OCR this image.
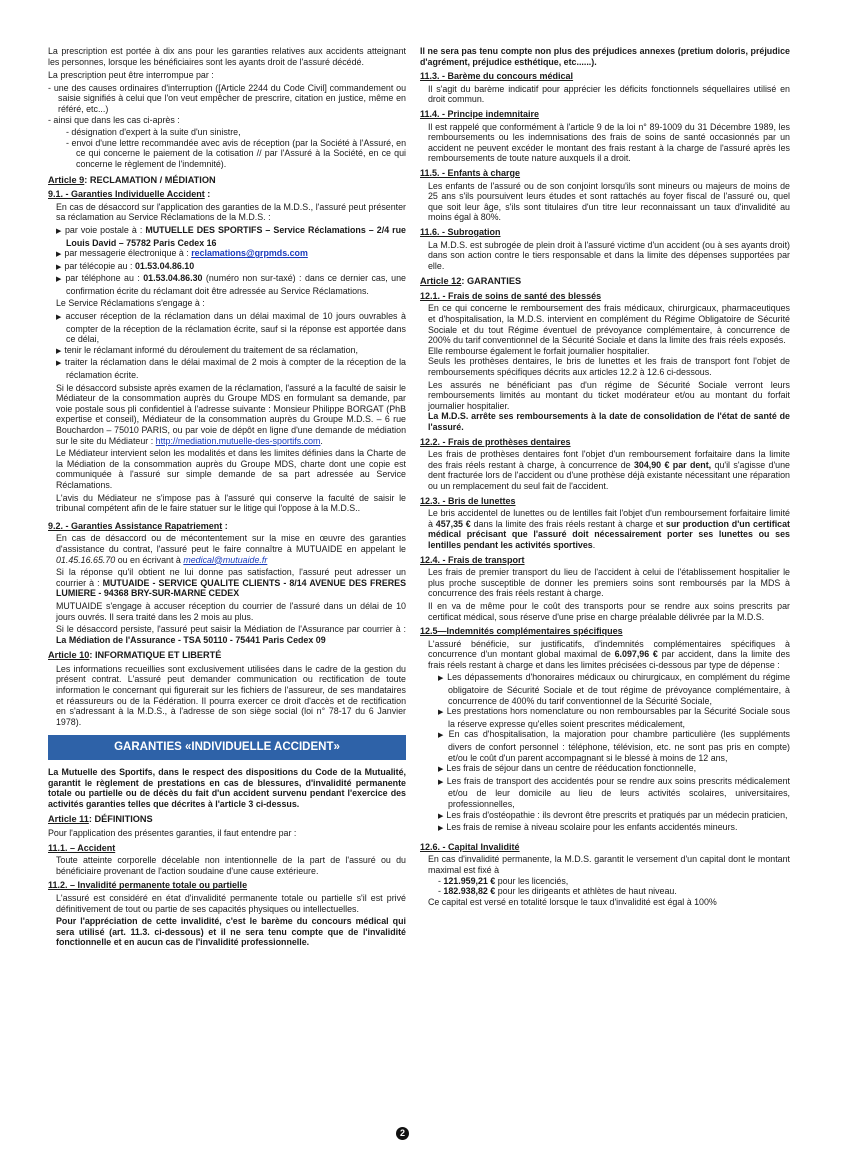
La prescription est portée à dix ans pour les garanties relatives aux accidents atteignant les personnes, lorsque les bénéficiaires sont les ayants droit de l'assuré décédé.

La prescription peut être interrompue par :

- une des causes ordinaires d'interruption ([Article 2244 du Code Civil] commandement ou saisie signifiés à celui que l'on veut empêcher de prescrire, citation en justice, même en référé, etc...)
- ainsi que dans les cas ci-après :
- désignation d'expert à la suite d'un sinistre,
- envoi d'une lettre recommandée avec avis de réception (par la Société à l'Assuré, en ce qui concerne le paiement de la cotisation // par l'Assuré à la Société, en ce qui concerne le règlement de l'indemnité).
Article 9: RECLAMATION / MÉDIATION
9.1. - Garanties Individuelle Accident :

En cas de désaccord sur l'application des garanties de la M.D.S., l'assuré peut présenter sa réclamation au Service Réclamations de la M.D.S. :

▶ par voie postale à : MUTUELLE DES SPORTIFS – Service Réclamations – 2/4 rue Louis David – 75782 Paris Cedex 16
▶ par messagerie électronique à : reclamations@grpmds.com
▶ par télécopie au : 01.53.04.86.10
▶ par téléphone au : 01.53.04.86.30 (numéro non sur-taxé) : dans ce dernier cas, une confirmation écrite du réclamant doit être adressée au Service Réclamations.

Le Service Réclamations s'engage à :

▶ accuser réception de la réclamation dans un délai maximal de 10 jours ouvrables à compter de la réception de la réclamation écrite, sauf si la réponse est apportée dans ce délai,
▶ tenir le réclamant informé du déroulement du traitement de sa réclamation,
▶ traiter la réclamation dans le délai maximal de 2 mois à compter de la réception de la réclamation écrite.

Si le désaccord subsiste après examen de la réclamation, l'assuré a la faculté de saisir le Médiateur de la consommation auprès du Groupe MDS en formulant sa demande, par voie postale sous pli confidentiel à l'adresse suivante : Monsieur Philippe BORGAT (PhB expertise et conseil), Médiateur de la consommation auprès du Groupe M.D.S. – 6 rue Bouchardon – 75010 PARIS, ou par voie de dépôt en ligne d'une demande de médiation sur le site du Médiateur : http://mediation.mutuelle-des-sportifs.com.

Le Médiateur intervient selon les modalités et dans les limites définies dans la Charte de la Médiation de la consommation auprès du Groupe MDS, charte dont une copie est communiquée à l'assuré sur simple demande de sa part adressée au Service Réclamations.

L'avis du Médiateur ne s'impose pas à l'assuré qui conserve la faculté de saisir le tribunal compétent afin de le faire statuer sur le litige qui l'oppose à la M.D.S..

9.2. - Garanties Assistance Rapatriement :

En cas de désaccord ou de mécontentement sur la mise en œuvre des garanties d'assistance du contrat, l'assuré peut le faire connaître à MUTUAIDE en appelant le 01.45.16.65.70 ou en écrivant à medical@mutuaide.fr

Si la réponse qu'il obtient ne lui donne pas satisfaction, l'assuré peut adresser un courrier à : MUTUAIDE - SERVICE QUALITE CLIENTS - 8/14 AVENUE DES FRERES LUMIERE - 94368 BRY-SUR-MARNE CEDEX

MUTUAIDE s'engage à accuser réception du courrier de l'assuré dans un délai de 10 jours ouvrés. Il sera traité dans les 2 mois au plus.

Si le désaccord persiste, l'assuré peut saisir la Médiation de l'Assurance par courrier à : La Médiation de l'Assurance - TSA 50110 - 75441 Paris Cedex 09

Article 10: INFORMATIQUE ET LIBERTÉ

Les informations recueillies sont exclusivement utilisées dans le cadre de la gestion du présent contrat. L'assuré peut demander communication ou rectification de toute information le concernant qui figurerait sur les fichiers de l'assureur, de ses mandataires et réassureurs ou de la Fédération. Il pourra exercer ce droit d'accès et de rectification en s'adressant à la M.D.S., à l'adresse de son siège social (loi n° 78-17 du 6 Janvier 1978).

GARANTIES «INDIVIDUELLE ACCIDENT»

La Mutuelle des Sportifs, dans le respect des dispositions du Code de la Mutualité, garantit le règlement de prestations en cas de blessures, d'invalidité permanente totale ou partielle ou de décès du fait d'un accident survenu pendant l'exercice des activités garanties telles que décrites à l'article 3 ci-dessus.

Article 11: DÉFINITIONS

Pour l'application des présentes garanties, il faut entendre par :

11.1. – Accident

Toute atteinte corporelle décelable non intentionnelle de la part de l'assuré ou du bénéficiaire provenant de l'action soudaine d'une cause extérieure.

11.2. – Invalidité permanente totale ou partielle

L'assuré est considéré en état d'invalidité permanente totale ou partielle s'il est privé définitivement de tout ou partie de ses capacités physiques ou intellectuelles.

Pour l'appréciation de cette invalidité, c'est le barème du concours médical qui sera utilisé (art. 11.3. ci-dessous) et il ne sera tenu compte que de l'invalidité fonctionnelle et en aucun cas de l'invalidité professionnelle.

Il ne sera pas tenu compte non plus des préjudices annexes (pretium doloris, préjudice d'agrément, préjudice esthétique, etc......).

11.3. - Barème du concours médical

Il s'agit du barème indicatif pour apprécier les déficits fonctionnels séquellaires utilisé en droit commun.

11.4. - Principe indemnitaire

Il est rappelé que conformément à l'article 9 de la loi n° 89-1009 du 31 Décembre 1989, les remboursements ou les indemnisations des frais de soins de santé occasionnés par un accident ne peuvent excéder le montant des frais restant à la charge de l'assuré après les remboursements de toute nature auxquels il a droit.

11.5. - Enfants à charge

Les enfants de l'assuré ou de son conjoint lorsqu'ils sont mineurs ou majeurs de moins de 25 ans s'ils poursuivent leurs études et sont rattachés au foyer fiscal de l'assuré ou, quel que soit leur âge, s'ils sont titulaires d'un titre leur reconnaissant un taux d'invalidité au moins égal à 80%.

11.6. - Subrogation

La M.D.S. est subrogée de plein droit à l'assuré victime d'un accident (ou à ses ayants droit) dans son action contre le tiers responsable et dans la limite des dépenses supportées par elle.

Article 12: GARANTIES
12.1. - Frais de soins de santé des blessés

En ce qui concerne le remboursement des frais médicaux, chirurgicaux, pharmaceutiques et d'hospitalisation, la M.D.S. intervient en complément du Régime Obligatoire de Sécurité Sociale et du tout Régime éventuel de prévoyance complémentaire, à concurrence de 200% du tarif conventionnel de la Sécurité Sociale et dans la limite des frais réels exposés.

Elle rembourse également le forfait journalier hospitalier.

Seuls les prothèses dentaires, le bris de lunettes et les frais de transport font l'objet de remboursements spécifiques décrits aux articles 12.2 à 12.6 ci-dessous.

Les assurés ne bénéficiant pas d'un régime de Sécurité Sociale verront leurs remboursements limités au montant du ticket modérateur et/ou au montant du forfait journalier hospitalier.

La M.D.S. arrête ses remboursements à la date de consolidation de l'état de santé de l'assuré.

12.2. - Frais de prothèses dentaires

Les frais de prothèses dentaires font l'objet d'un remboursement forfaitaire dans la limite des frais réels restant à charge, à concurrence de 304,90 € par dent, qu'il s'agisse d'une dent fracturée lors de l'accident ou d'une prothèse déjà existante nécessitant une réparation ou un remplacement du seul fait de l'accident.

12.3. - Bris de lunettes

Le bris accidentel de lunettes ou de lentilles fait l'objet d'un remboursement forfaitaire limité à 457,35 € dans la limite des frais réels restant à charge et sur production d'un certificat médical précisant que l'assuré doit nécessairement porter ses lunettes ou ses lentilles pendant les activités sportives.

12.4. - Frais de transport

Les frais de premier transport du lieu de l'accident à celui de l'établissement hospitalier le plus proche susceptible de donner les premiers soins sont remboursés par la MDS à concurrence des frais réels restant à charge.

Il en va de même pour le coût des transports pour se rendre aux soins prescrits par certificat médical, sous réserve d'une prise en charge préalable délivrée par la M.D.S.

12.5—Indemnités complémentaires spécifiques

L'assuré bénéficie, sur justificatifs, d'indemnités complémentaires spécifiques à concurrence d'un montant global maximal de 6.097,96 € par accident, dans la limite des frais réels restant à charge et dans les limites précisées ci-dessous par type de dépense :

▶ Les dépassements d'honoraires médicaux ou chirurgicaux, en complément du régime obligatoire de Sécurité Sociale et de tout régime de prévoyance complémentaire, à concurrence de 400% du tarif conventionnel de la Sécurité Sociale,
▶ Les prestations hors nomenclature ou non remboursables par la Sécurité Sociale sous la réserve expresse qu'elles soient prescrites médicalement,
▶ En cas d'hospitalisation, la majoration pour chambre particulière (les suppléments divers de confort personnel : téléphone, télévision, etc. ne sont pas pris en compte) et/ou le coût d'un parent accompagnant si le blessé à moins de 12 ans,
▶ Les frais de séjour dans un centre de rééducation fonctionnelle,
▶ Les frais de transport des accidentés pour se rendre aux soins prescrits médicalement et/ou de leur domicile au lieu de leurs activités scolaires, universitaires, professionnelles,
▶ Les frais d'ostéopathie : ils devront être prescrits et pratiqués par un médecin praticien,
▶ Les frais de remise à niveau scolaire pour les enfants accidentés mineurs.
12.6. - Capital Invalidité

En cas d'invalidité permanente, la M.D.S. garantit le versement d'un capital dont le montant maximal est fixé à

- 121.959,21 € pour les licenciés,

- 182.938,82 € pour les dirigeants et athlètes de haut niveau.

Ce capital est versé en totalité lorsque le taux d'invalidité est égal à 100%

2
